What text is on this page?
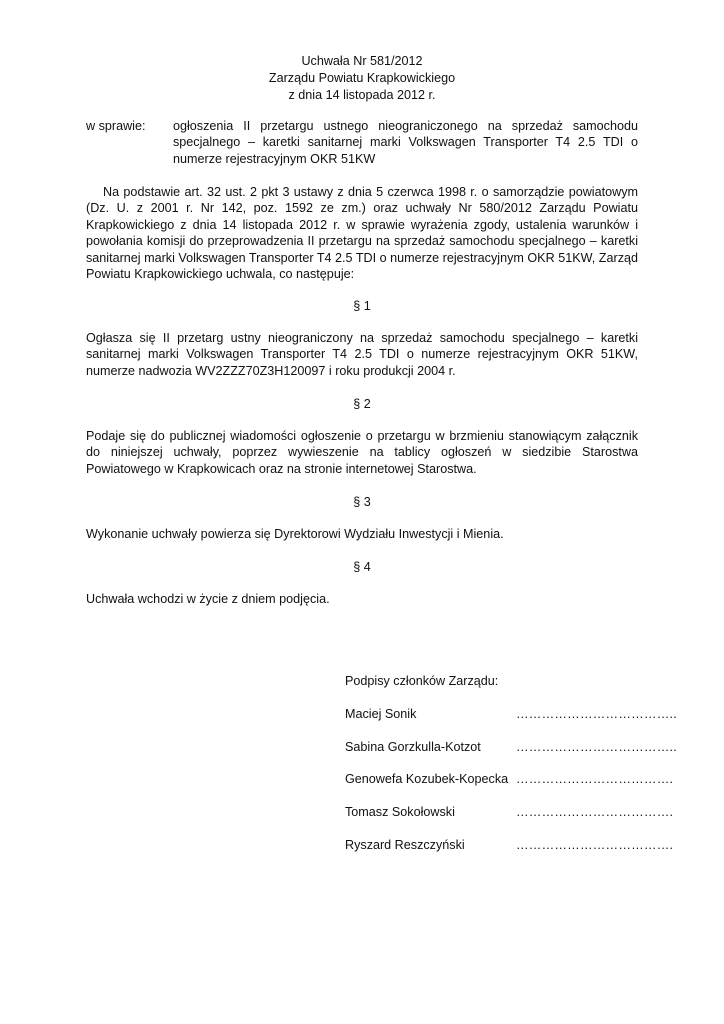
Uchwała Nr 581/2012
Zarządu Powiatu Krapkowickiego
z dnia 14 listopada 2012 r.
w sprawie:	ogłoszenia II przetargu ustnego nieograniczonego na sprzedaż samochodu specjalnego – karetki sanitarnej marki Volkswagen Transporter T4 2.5 TDI o numerze rejestracyjnym OKR 51KW
Na podstawie art. 32 ust. 2 pkt 3 ustawy z dnia 5 czerwca 1998 r. o samorządzie powiatowym (Dz. U. z 2001 r. Nr 142, poz. 1592 ze zm.) oraz uchwały Nr 580/2012 Zarządu Powiatu Krapkowickiego z dnia 14 listopada 2012 r. w sprawie wyrażenia zgody, ustalenia warunków i powołania komisji do przeprowadzenia II przetargu na sprzedaż samochodu specjalnego – karetki sanitarnej marki Volkswagen Transporter T4 2.5 TDI o numerze rejestracyjnym OKR 51KW, Zarząd Powiatu Krapkowickiego uchwala, co następuje:
§ 1
Ogłasza się II przetarg ustny nieograniczony na sprzedaż samochodu specjalnego – karetki sanitarnej marki Volkswagen Transporter T4 2.5 TDI o numerze rejestracyjnym OKR 51KW, numerze nadwozia WV2ZZZ70Z3H120097 i roku produkcji 2004 r.
§ 2
Podaje się do publicznej wiadomości ogłoszenie o przetargu w brzmieniu stanowiącym załącznik do niniejszej uchwały, poprzez wywieszenie na tablicy ogłoszeń w siedzibie Starostwa Powiatowego w Krapkowicach oraz na stronie internetowej Starostwa.
§ 3
Wykonanie uchwały powierza się Dyrektorowi Wydziału Inwestycji i Mienia.
§ 4
Uchwała wchodzi w życie z dniem podjęcia.
Podpisy członków Zarządu:
Maciej Sonik	………………………………..
Sabina Gorzkulla-Kotzot	………………………………..
Genowefa Kozubek-Kopecka ……………………………….
Tomasz Sokołowski	……………………………….
Ryszard Reszczyński	……………………………….
